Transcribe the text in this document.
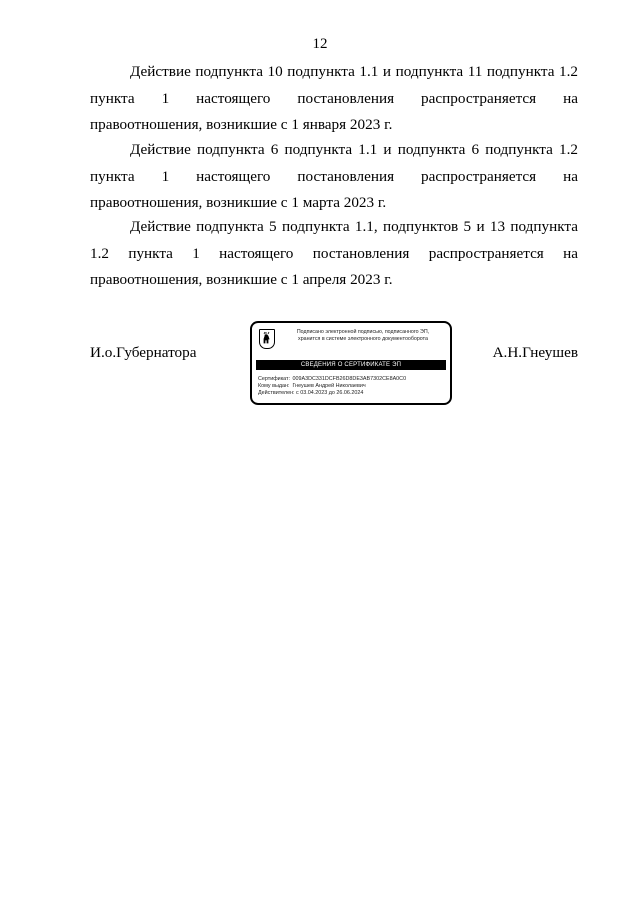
12

Действие подпункта 10 подпункта 1.1 и подпункта 11 подпункта 1.2 пункта 1 настоящего постановления распространяется на правоотношения, возникшие с 1 января 2023 г.

Действие подпункта 6 подпункта 1.1 и подпункта 6 подпункта 1.2 пункта 1 настоящего постановления распространяется на правоотношения, возникшие с 1 марта 2023 г.

Действие подпункта 5 подпункта 1.1, подпунктов 5 и 13 подпункта
1.2 пункта 1 настоящего постановления распространяется на
правоотношения, возникшие с 1 апреля 2023 г.
И.о.Губернатора	А.Н.Гнеушев
Подписано электронной подписью, подписанного ЭП,
хранится в системе электронного документооборота
СВЕДЕНИЯ О СЕРТИФИКАТЕ ЭП
Сертификат: 009A3DC331DCFB26D8DE3AB7302CE8A0C0
Кому выдан: Гнеушев Андрей Николаевич
Действителен: с 03.04.2023 до 26.06.2024
